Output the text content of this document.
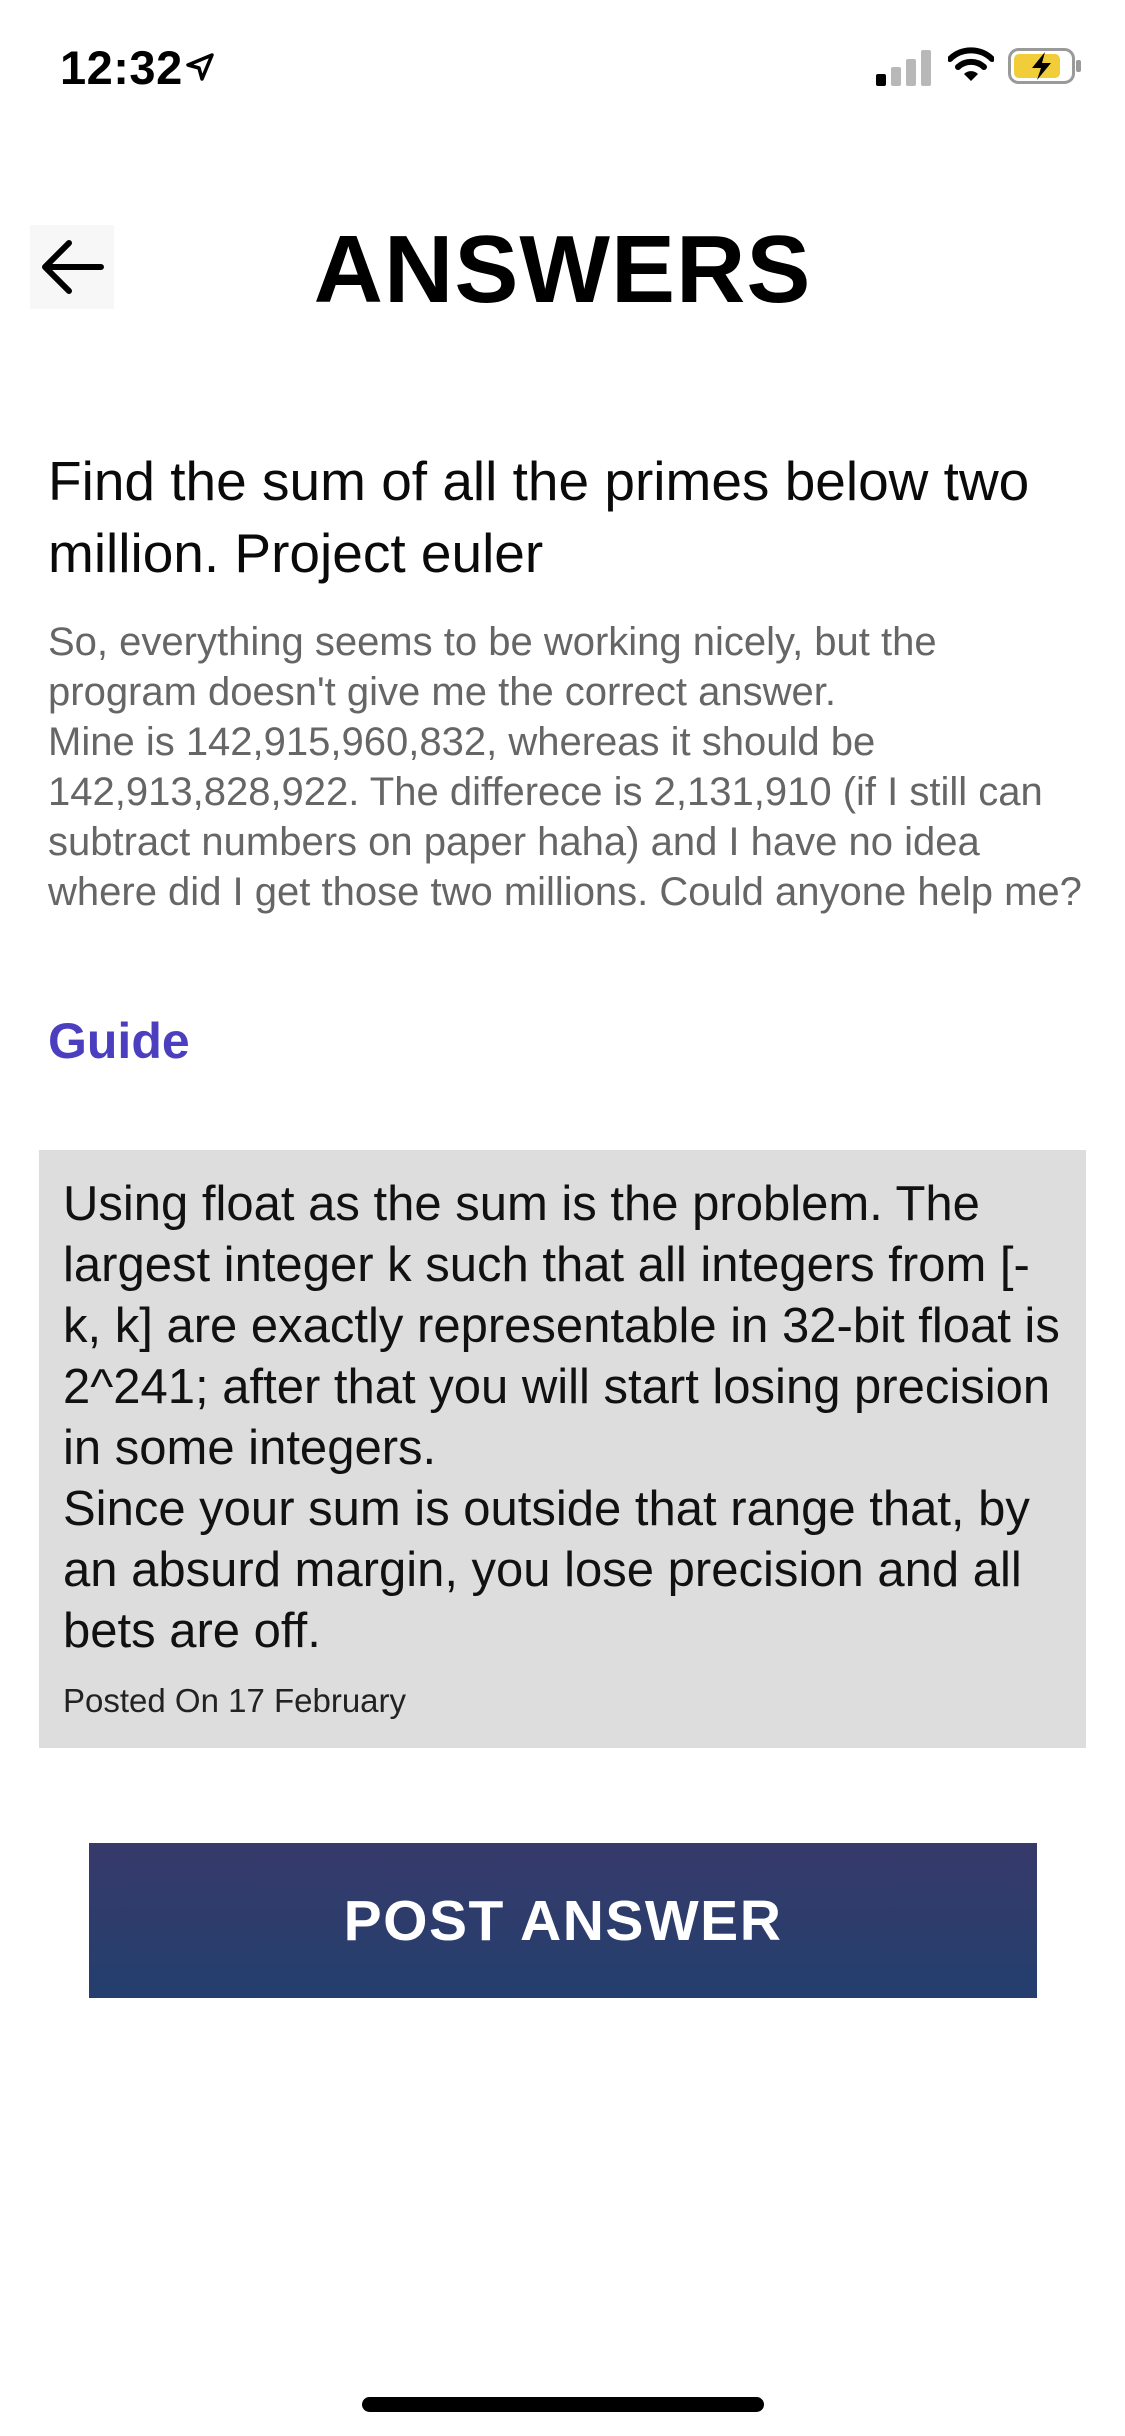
12:32
ANSWERS
Find the sum of all the primes below two million. Project euler

So, everything seems to be working nicely, but the program doesn't give me the correct answer.
Mine is 142,915,960,832, whereas it should be 142,913,828,922. The differece is 2,131,910 (if I still can subtract numbers on paper haha) and I have no idea where did I get those two millions. Could anyone help me?

Guide

Using float as the sum is the problem. The largest integer k such that all integers from [-k, k] are exactly representable in 32-bit float is 2^241; after that you will start losing precision in some integers.
Since your sum is outside that range that, by an absurd margin, you lose precision and all bets are off.

Posted On 17 February
POST ANSWER
